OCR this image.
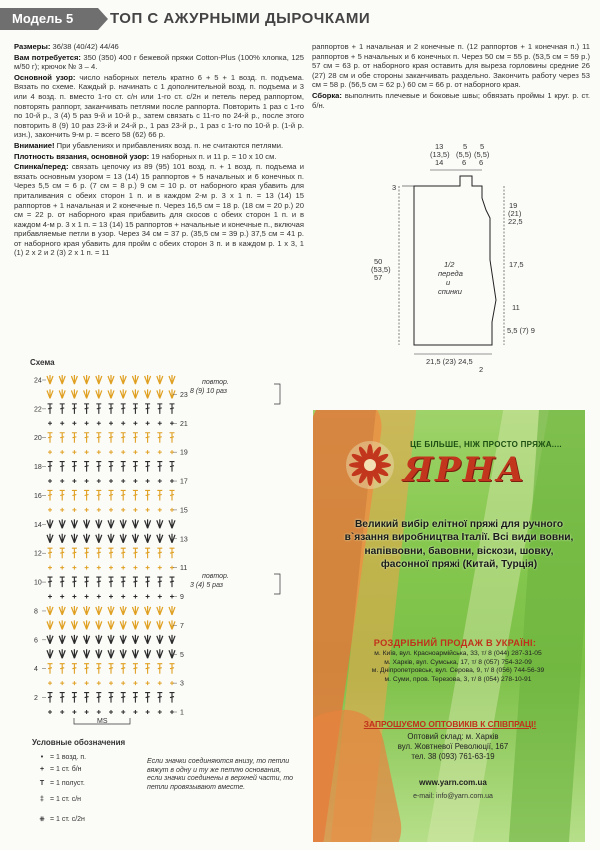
Модель 5	ТОП С АЖУРНЫМИ ДЫРОЧКАМИ

Размеры: 36/38 (40/42) 44/46

Вам потребуется: 350 (350) 400 г бежевой пряжи Cotton-Plus (100% хлопка, 125 м/50 г); крючок № 3 – 4.

Основной узор: число наборных петель кратно 6 + 5 + 1 возд. п. подъема. Вязать по схеме. Каждый р. начинать с 1 дополнительной возд. п. подъема и 3 или 4 возд. п. вместо 1-го ст. с/н или 1-го ст. с/2н и петель перед раппортом, повторять раппорт, заканчивать петлями после раппорта. Повторить 1 раз с 1-го по 10-й р., 3 (4) 5 раз 9-й и 10-й р., затем связать с 11-го по 24-й р., после этого повторить 8 (9) 10 раз 23-й и 24-й р., 1 раз 23-й р., 1 раз с 1-го по 10-й р. (1-й р. изн.), закончить 9-м р. = всего 58 (62) 66 р.

Внимание! При убавлениях и прибавлениях возд. п. не считаются петлями.

Плотность вязания, основной узор: 19 наборных п. и 11 р. = 10 х 10 см.

Спинка/перед: связать цепочку из 89 (95) 101 возд. п. + 1 возд. п. подъема и вязать основным узором = 13 (14) 15 раппортов + 5 начальных и 6 конечных п. Через 5,5 см = 6 р. (7 см = 8 р.) 9 см = 10 р. от наборного края убавить для приталивания с обеих сторон 1 п. и в каждом 2-м р. 3 х 1 п. = 13 (14) 15 раппортов + 1 начальная и 2 конечные п. Через 16,5 см = 18 р. (18 см = 20 р.) 20 см = 22 р. от наборного края прибавить для скосов с обеих сторон 1 п. и в каждом 4-м р. 3 х 1 п. = 13 (14) 15 раппортов + начальные и конечные п., включая прибавляемые петли в узор. Через 34 см = 37 р. (35,5 см = 39 р.) 37,5 см = 41 р. от наборного края убавить для пройм с обеих сторон 3 п. и в каждом р. 1 х 3, 1 (1) 2 х 2 и 2 (3) 2 х 1 п. = 11

раппортов + 1 начальная и 2 конечные п. (12 раппортов + 1 конечная п.) 11 раппортов + 5 начальных и 6 конечных п. Через 50 см = 55 р. (53,5 см = 59 р.) 57 см = 63 р. от наборного края оставить для выреза горловины средние 26 (27) 28 см и обе стороны заканчивать раздельно. Закончить работу через 53 см = 58 р. (56,5 см = 62 р.) 60 см = 66 р. от наборного края.

Сборка: выполнить плечевые и боковые швы; обвязать проймы 1 круг. р. ст. б/н.

13
(13,5)
14
5
(5,5)
6
5
(5,5)
6
3
19
(21)
22,5
17,5
11
5,5 (7) 9
50
(53,5)
57
1/2
переда
и
спинки
21,5 (23) 24,5
2
Схема
1
2
3
4
5
6
7
8
9
10
11
12
13
14
15
16
17
18
19
20
21
22
23
24	повтор.
8 (9) 10 раз
повтор.
3 (4) 5 раз
MS
Условные обозначения
• = 1 возд. п.
+ = 1 ст. б/н
T = 1 полуст.
‡ = 1 ст. с/н
⧺ = 1 ст. с/2н
Если значки соединяются внизу, то петли вяжут в одну и ту же петлю основания, если значки соединены в верхней части, то петли провязывают вместе.
ЦЕ БІЛЬШЕ, НІЖ ПРОСТО ПРЯЖА....
ЯРНА
Великий вибір елітної пряжі для ручного в`язання виробництва Італії. Всі види вовни, напіввовни, бавовни, віскози, шовку, фасонної пряжі (Китай, Турція)
РОЗДРІБНИЙ ПРОДАЖ В УКРАЇНІ:
м. Київ, вул. Красноармійська, 33, т/ 8 (044) 287-31-05
м. Харків, вул. Сумська, 17, т/ 8 (057) 754-32-09
м. Дніпропетровськ, вул. Серова, 9, т/ 8 (056) 744-56-39
м. Суми, пров. Терезова, 3, т/ 8 (054) 278-10-91
ЗАПРОШУЄМО ОПТОВИКІВ К СПІВПРАЦІ!
Оптовий склад: м. Харків
вул. Жовтневої Революції, 167
тел. 38 (093) 761-63-19
www.yarn.com.ua
e-mail: info@yarn.com.ua
